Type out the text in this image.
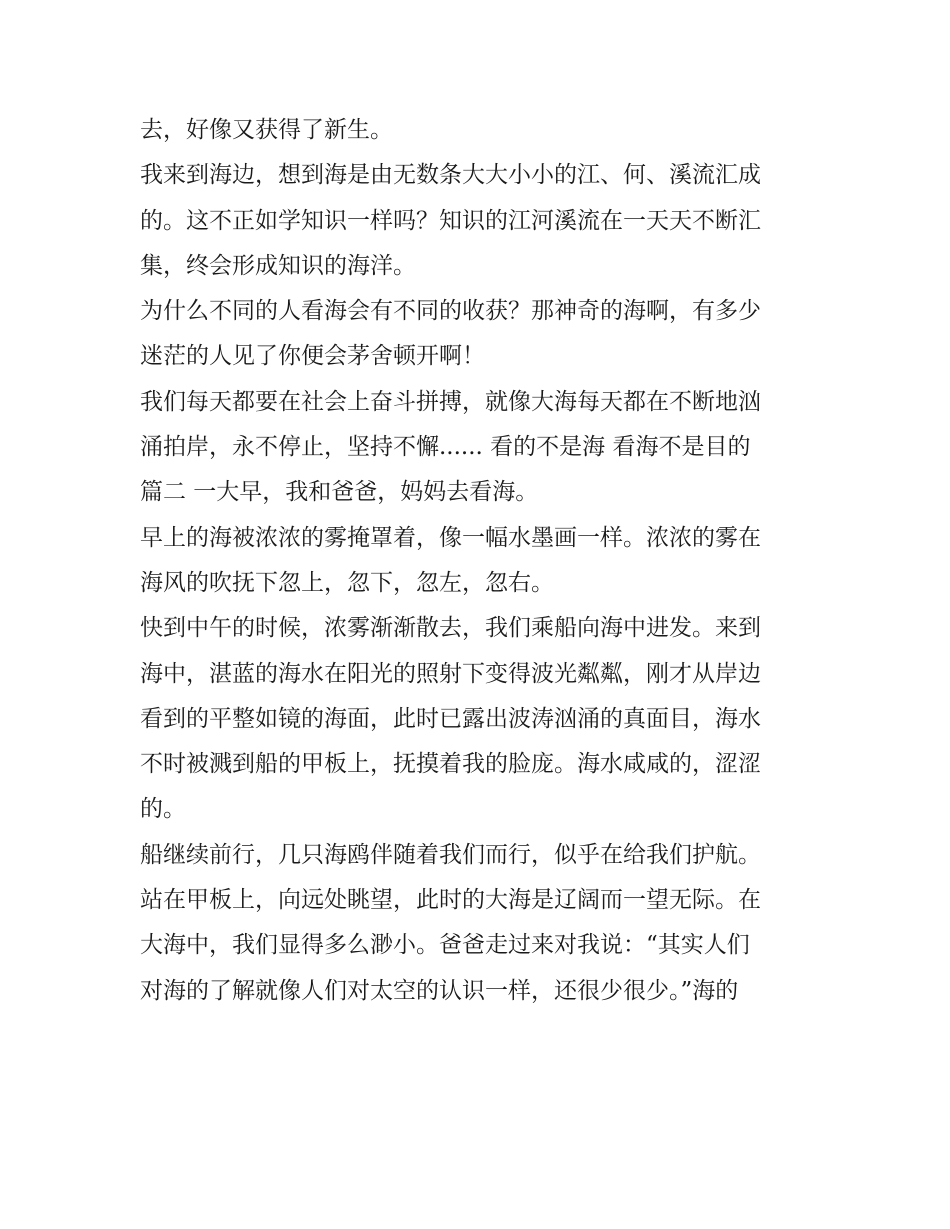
去，好像又获得了新生。
我来到海边，想到海是由无数条大大小小的江、何、溪流汇成
的。这不正如学知识一样吗？知识的江河溪流在一天天不断汇
集，终会形成知识的海洋。
为什么不同的人看海会有不同的收获？那神奇的海啊，有多少
迷茫的人见了你便会茅舍顿开啊！
我们每天都要在社会上奋斗拼搏，就像大海每天都在不断地汹
涌拍岸，永不停止，坚持不懈...... 看的不是海 看海不是目的
篇二 一大早，我和爸爸，妈妈去看海。
早上的海被浓浓的雾掩罩着，像一幅水墨画一样。浓浓的雾在
海风的吹抚下忽上，忽下，忽左，忽右。
快到中午的时候，浓雾渐渐散去，我们乘船向海中进发。来到
海中，湛蓝的海水在阳光的照射下变得波光粼粼，刚才从岸边
看到的平整如镜的海面，此时已露出波涛汹涌的真面目，海水
不时被溅到船的甲板上，抚摸着我的脸庞。海水咸咸的，涩涩
的。
船继续前行，几只海鸥伴随着我们而行，似乎在给我们护航。
站在甲板上，向远处眺望，此时的大海是辽阔而一望无际。在
大海中，我们显得多么渺小。爸爸走过来对我说：“其实人们
对海的了解就像人们对太空的认识一样，还很少很少。”海的
